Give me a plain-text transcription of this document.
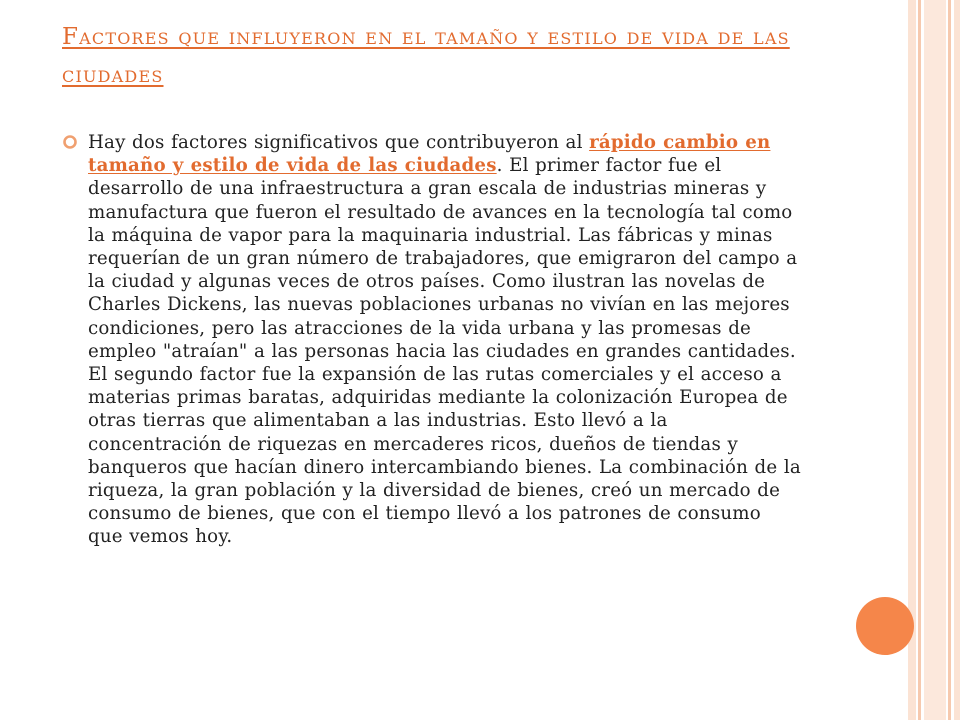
Factores que influyeron en el tamaño y estilo de vida de las ciudades

Hay dos factores significativos que contribuyeron al rápido cambio en tamaño y estilo de vida de las ciudades. El primer factor fue el desarrollo de una infraestructura a gran escala de industrias mineras y manufactura que fueron el resultado de avances en la tecnología tal como la máquina de vapor para la maquinaria industrial. Las fábricas y minas requerían de un gran número de trabajadores, que emigraron del campo a la ciudad y algunas veces de otros países. Como ilustran las novelas de Charles Dickens, las nuevas poblaciones urbanas no vivían en las mejores condiciones, pero las atracciones de la vida urbana y las promesas de empleo "atraían" a las personas hacia las ciudades en grandes cantidades. El segundo factor fue la expansión de las rutas comerciales y el acceso a materias primas baratas, adquiridas mediante la colonización Europea de otras tierras que alimentaban a las industrias. Esto llevó a la concentración de riquezas en mercaderes ricos, dueños de tiendas y banqueros que hacían dinero intercambiando bienes. La combinación de la riqueza, la gran población y la diversidad de bienes, creó un mercado de consumo de bienes, que con el tiempo llevó a los patrones de consumo que vemos hoy.
